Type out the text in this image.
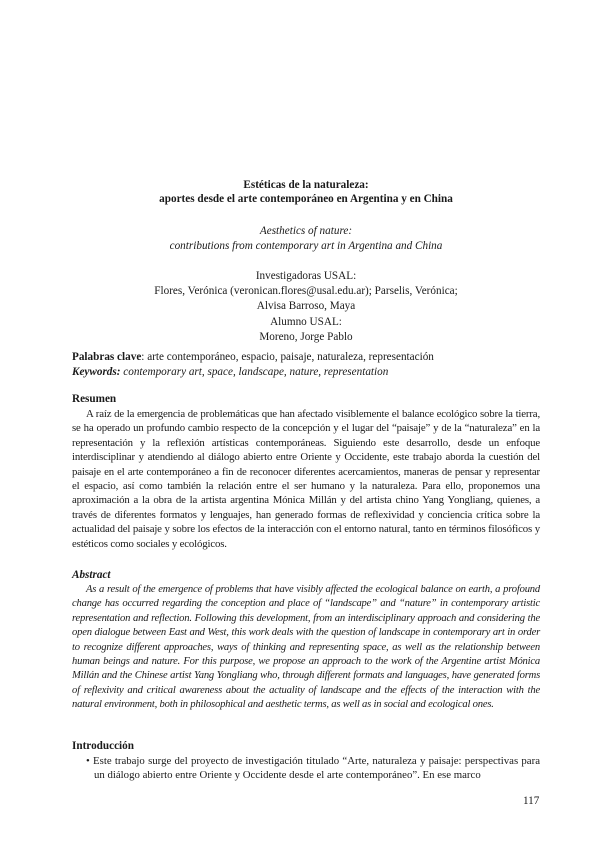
Estéticas de la naturaleza:
aportes desde el arte contemporáneo en Argentina y en China
Aesthetics of nature:
contributions from contemporary art in Argentina and China
Investigadoras USAL:
Flores, Verónica (veronican.flores@usal.edu.ar); Parselis, Verónica;
Alvisa Barroso, Maya
Alumno USAL:
Moreno, Jorge Pablo
Palabras clave: arte contemporáneo, espacio, paisaje, naturaleza, representación
Keywords: contemporary art, space, landscape, nature, representation
Resumen
A raíz de la emergencia de problemáticas que han afectado visiblemente el balance ecológico sobre la tierra, se ha operado un profundo cambio respecto de la concepción y el lugar del “paisaje” y de la “naturaleza” en la representación y la reflexión artísticas contemporáneas. Siguiendo este desarrollo, desde un enfoque interdisciplinar y atendiendo al diálogo abierto entre Oriente y Occidente, este trabajo aborda la cuestión del paisaje en el arte contemporáneo a fin de reconocer diferentes acercamientos, maneras de pensar y representar el espacio, así como también la relación entre el ser humano y la naturaleza. Para ello, proponemos una aproximación a la obra de la artista argentina Mónica Millán y del artista chino Yang Yongliang, quienes, a través de diferentes formatos y lenguajes, han generado formas de reflexividad y conciencia crítica sobre la actualidad del paisaje y sobre los efectos de la interacción con el entorno natural, tanto en términos filosóficos y estéticos como sociales y ecológicos.
Abstract
As a result of the emergence of problems that have visibly affected the ecological balance on earth, a profound change has occurred regarding the conception and place of “landscape” and “nature” in contemporary artistic representation and reflection. Following this development, from an interdisciplinary approach and considering the open dialogue between East and West, this work deals with the question of landscape in contemporary art in order to recognize different approaches, ways of thinking and representing space, as well as the relationship between human beings and nature. For this purpose, we propose an approach to the work of the Argentine artist Mónica Millán and the Chinese artist Yang Yongliang who, through different formats and languages, have generated forms of reflexivity and critical awareness about the actuality of landscape and the effects of the interaction with the natural environment, both in philosophical and aesthetic terms, as well as in social and ecological ones.
Introducción
• Este trabajo surge del proyecto de investigación titulado “Arte, naturaleza y paisaje: perspectivas para un diálogo abierto entre Oriente y Occidente desde el arte contemporáneo”. En ese marco
117
